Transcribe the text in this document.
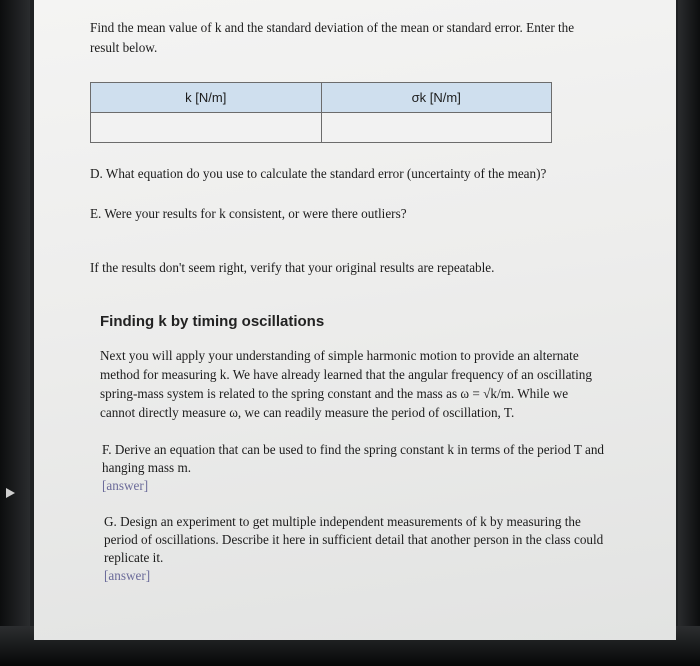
Find the mean value of k and the standard deviation of the mean or standard error. Enter the
result below.
k [N/m]	σk [N/m]

D. What equation do you use to calculate the standard error (uncertainty of the mean)?
E. Were your results for k consistent, or were there outliers?
If the results don't seem right, verify that your original results are repeatable.
Finding k by timing oscillations
Next you will apply your understanding of simple harmonic motion to provide an alternate
method for measuring k. We have already learned that the angular frequency of an oscillating
spring-mass system is related to the spring constant and the mass as ω = √k/m. While we
cannot directly measure ω, we can readily measure the period of oscillation, T.
F. Derive an equation that can be used to find the spring constant k in terms of the period T and
hanging mass m.
[answer]
G. Design an experiment to get multiple independent measurements of k by measuring the
period of oscillations. Describe it here in sufficient detail that another person in the class could
replicate it.
[answer]
